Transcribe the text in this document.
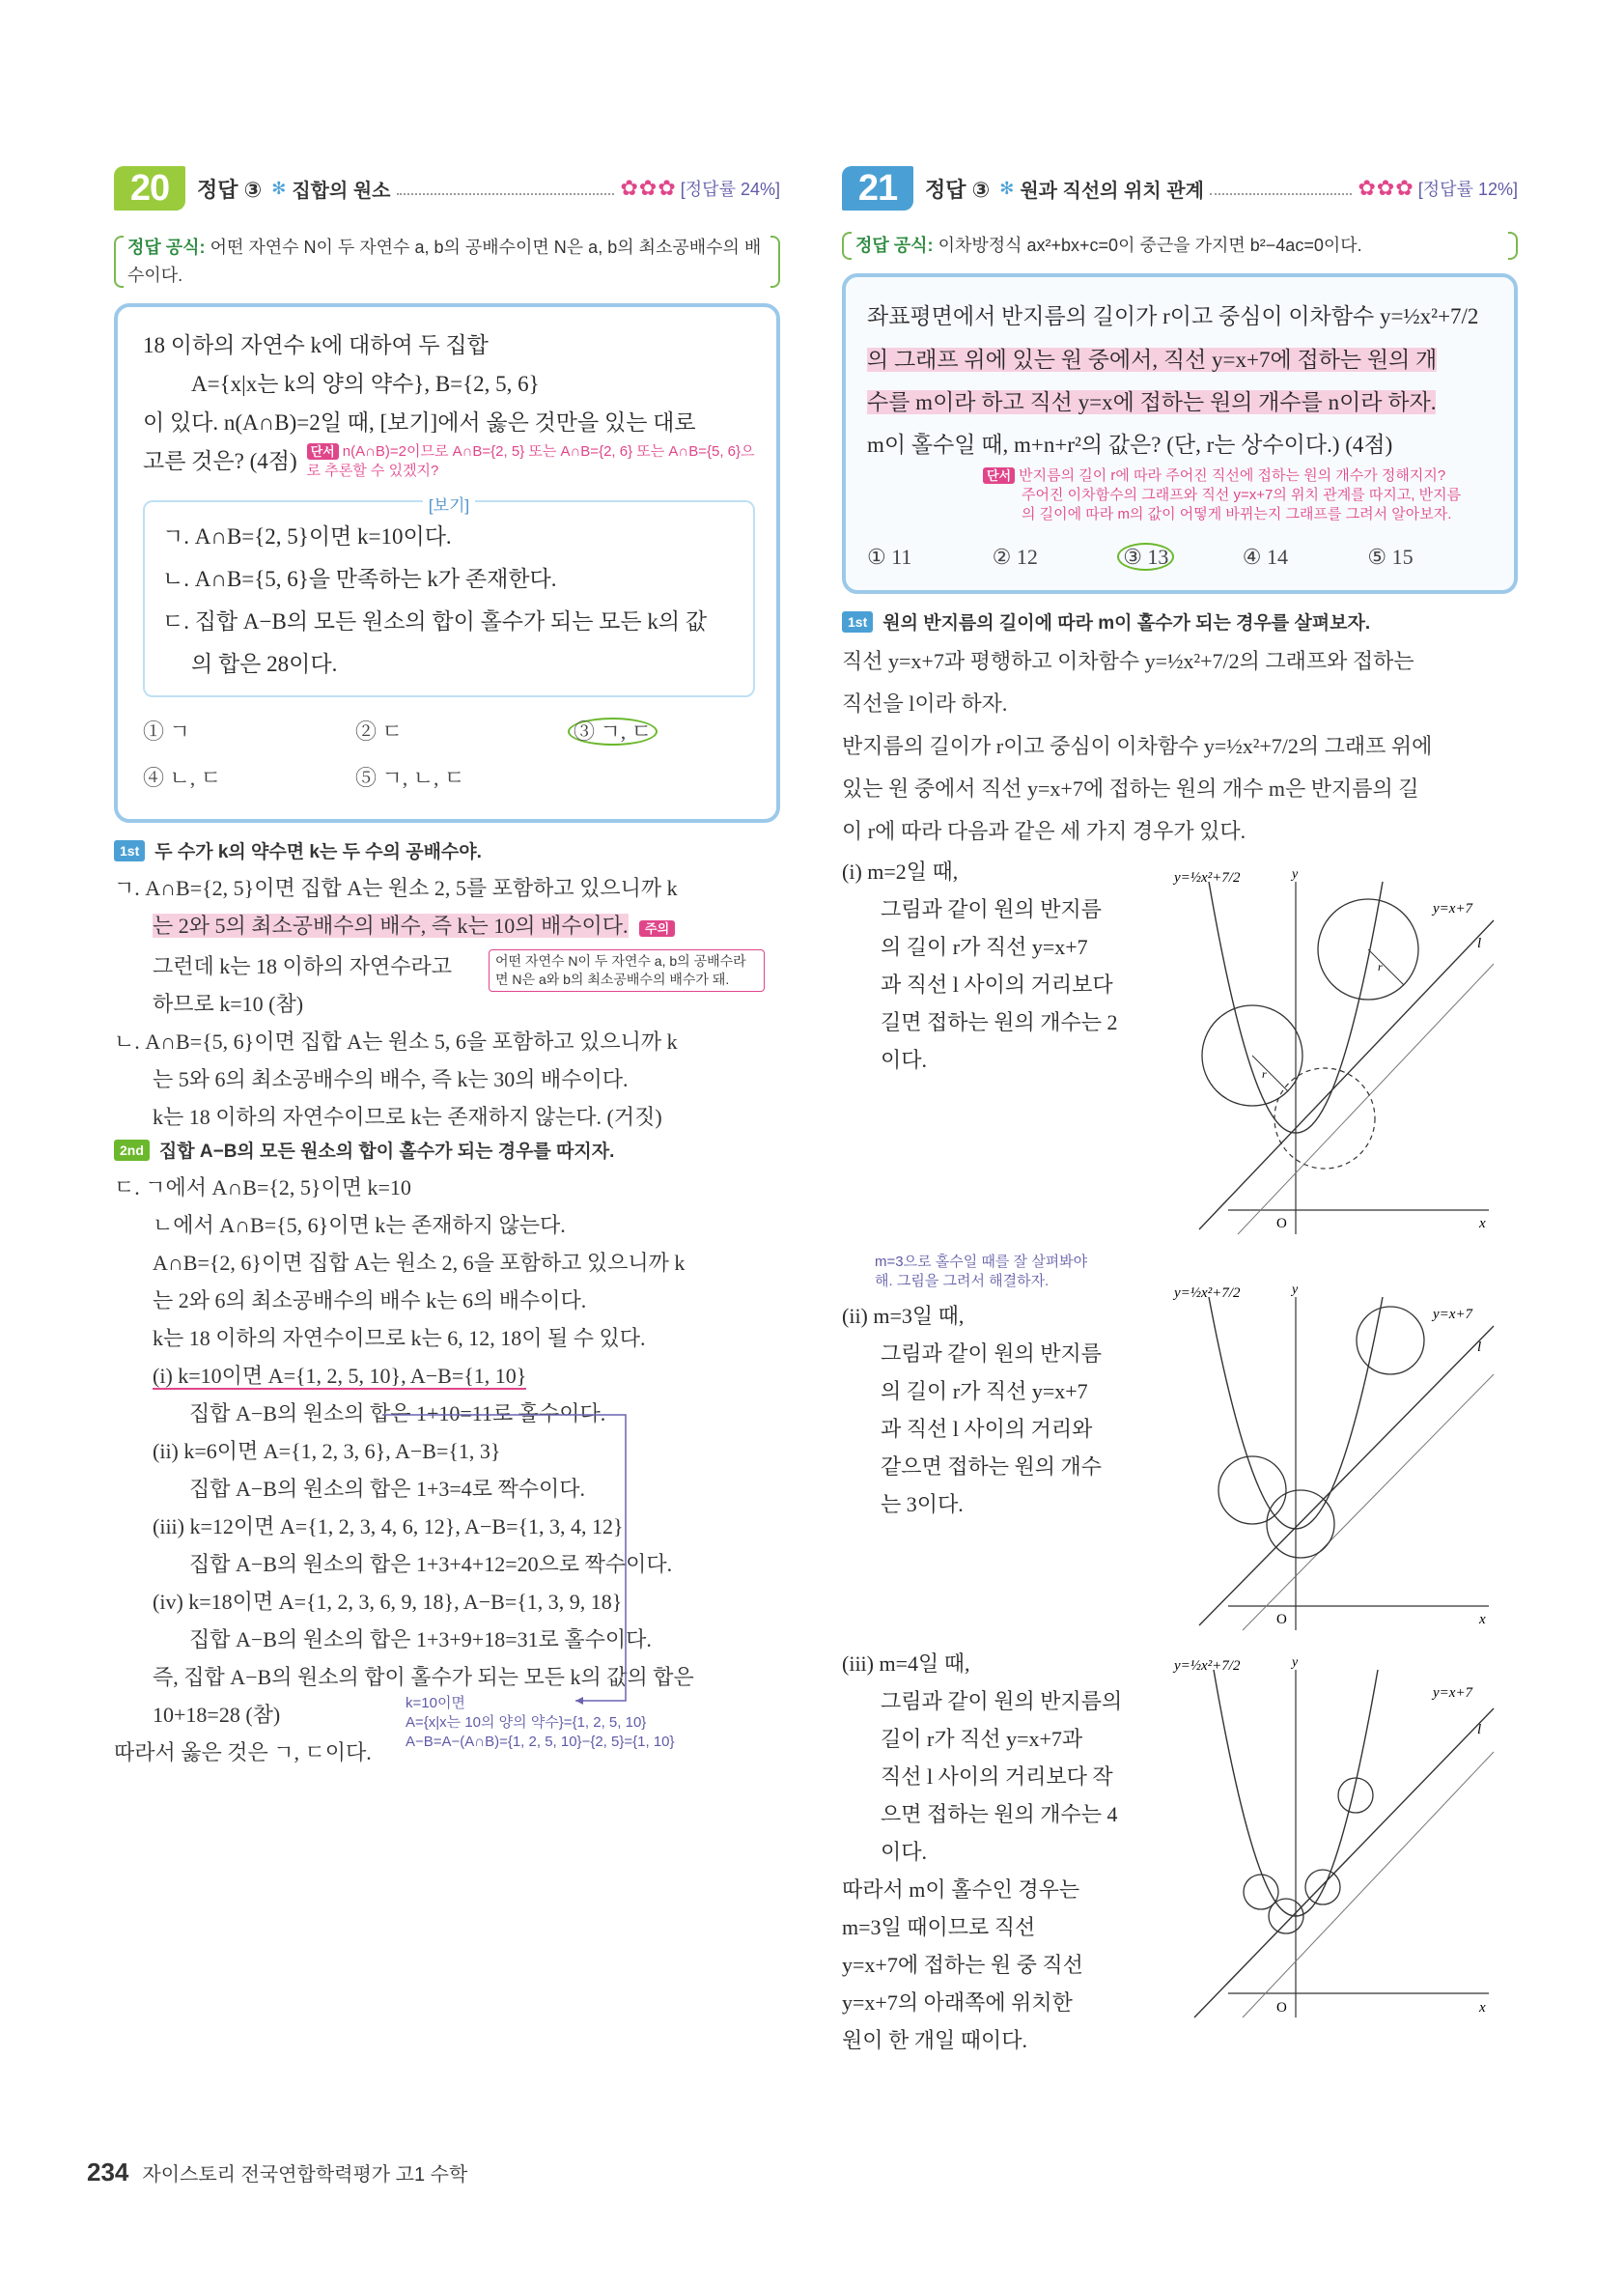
20	정답 ③ ✻ 집합의 원소	✿✿✿ [정답률 24%]
정답 공식: 어떤 자연수 N이 두 자연수 a, b의 공배수이면 N은 a, b의 최소공배수의 배수이다.
18 이하의 자연수 k에 대하여 두 집합
A={x|x는 k의 양의 약수}, B={2, 5, 6}
이 있다. n(A∩B)=2일 때, [보기]에서 옳은 것만을 있는 대로
고른 것은? (4점)	단서 n(A∩B)=2이므로 A∩B={2, 5} 또는 A∩B={2, 6} 또는 A∩B={5, 6}으로 추론할 수 있겠지?
[보기]
ㄱ. A∩B={2, 5}이면 k=10이다.
ㄴ. A∩B={5, 6}을 만족하는 k가 존재한다.
ㄷ. 집합 A−B의 모든 원소의 합이 홀수가 되는 모든 k의 값
의 합은 28이다.
① ㄱ	② ㄷ	③ ㄱ, ㄷ
④ ㄴ, ㄷ	⑤ ㄱ, ㄴ, ㄷ
1st 두 수가 k의 약수면 k는 두 수의 공배수야.
ㄱ. A∩B={2, 5}이면 집합 A는 원소 2, 5를 포함하고 있으니까 k
는 2와 5의 최소공배수의 배수, 즉 k는 10의 배수이다. 주의
그런데 k는 18 이하의 자연수라고
하므로 k=10 (참)
어떤 자연수 N이 두 자연수 a, b의 공배수라면 N은 a와 b의 최소공배수의 배수가 돼.
ㄴ. A∩B={5, 6}이면 집합 A는 원소 5, 6을 포함하고 있으니까 k
는 5와 6의 최소공배수의 배수, 즉 k는 30의 배수이다.
k는 18 이하의 자연수이므로 k는 존재하지 않는다. (거짓)
2nd 집합 A−B의 모든 원소의 합이 홀수가 되는 경우를 따지자.
ㄷ. ㄱ에서 A∩B={2, 5}이면 k=10
ㄴ에서 A∩B={5, 6}이면 k는 존재하지 않는다.
A∩B={2, 6}이면 집합 A는 원소 2, 6을 포함하고 있으니까 k
는 2와 6의 최소공배수의 배수 k는 6의 배수이다.
k는 18 이하의 자연수이므로 k는 6, 12, 18이 될 수 있다.
(i) k=10이면 A={1, 2, 5, 10}, A−B={1, 10}
집합 A−B의 원소의 합은 1+10=11로 홀수이다.
(ii) k=6이면 A={1, 2, 3, 6}, A−B={1, 3}
집합 A−B의 원소의 합은 1+3=4로 짝수이다.
(iii) k=12이면 A={1, 2, 3, 4, 6, 12}, A−B={1, 3, 4, 12}
집합 A−B의 원소의 합은 1+3+4+12=20으로 짝수이다.
(iv) k=18이면 A={1, 2, 3, 6, 9, 18}, A−B={1, 3, 9, 18}
집합 A−B의 원소의 합은 1+3+9+18=31로 홀수이다.
즉, 집합 A−B의 원소의 합이 홀수가 되는 모든 k의 값의 합은
10+18=28 (참)
따라서 옳은 것은 ㄱ, ㄷ이다.
k=10이면
A={x|x는 10의 양의 약수}={1, 2, 5, 10}
A−B=A−(A∩B)={1, 2, 5, 10}−{2, 5}={1, 10}
21	정답 ③ ✻ 원과 직선의 위치 관계	✿✿✿ [정답률 12%]
정답 공식: 이차방정식 ax²+bx+c=0이 중근을 가지면 b²−4ac=0이다.
좌표평면에서 반지름의 길이가 r이고 중심이 이차함수 y=½x²+7/2
의 그래프 위에 있는 원 중에서, 직선 y=x+7에 접하는 원의 개
수를 m이라 하고 직선 y=x에 접하는 원의 개수를 n이라 하자.
m이 홀수일 때, m+n+r²의 값은? (단, r는 상수이다.) (4점)
단서 반지름의 길이 r에 따라 주어진 직선에 접하는 원의 개수가 정해지지?
주어진 이차함수의 그래프와 직선 y=x+7의 위치 관계를 따지고, 반지름
의 길이에 따라 m의 값이 어떻게 바뀌는지 그래프를 그려서 알아보자.
① 11	② 12	③ 13	④ 14	⑤ 15
1st 원의 반지름의 길이에 따라 m이 홀수가 되는 경우를 살펴보자.
직선 y=x+7과 평행하고 이차함수 y=½x²+7/2의 그래프와 접하는
직선을 l이라 하자.
반지름의 길이가 r이고 중심이 이차함수 y=½x²+7/2의 그래프 위에
있는 원 중에서 직선 y=x+7에 접하는 원의 개수 m은 반지름의 길
이 r에 따라 다음과 같은 세 가지 경우가 있다.
(i) m=2일 때,
그림과 같이 원의 반지름
의 길이 r가 직선 y=x+7
과 직선 l 사이의 거리보다
길면 접하는 원의 개수는 2
이다.
y=½x²+7/2	y
y=x+7
l
O	x
r
r
m=3으로 홀수일 때를 잘 살펴봐야
해. 그림을 그려서 해결하자.
(ii) m=3일 때,
그림과 같이 원의 반지름
의 길이 r가 직선 y=x+7
과 직선 l 사이의 거리와
같으면 접하는 원의 개수
는 3이다.
y=½x²+7/2	y
y=x+7
l
O	x
(iii) m=4일 때,
그림과 같이 원의 반지름의
길이 r가 직선 y=x+7과
직선 l 사이의 거리보다 작
으면 접하는 원의 개수는 4
이다.
따라서 m이 홀수인 경우는
m=3일 때이므로 직선
y=x+7에 접하는 원 중 직선
y=x+7의 아래쪽에 위치한
원이 한 개일 때이다.
y=½x²+7/2	y
y=x+7
l
O	x
234 자이스토리 전국연합학력평가 고1 수학
